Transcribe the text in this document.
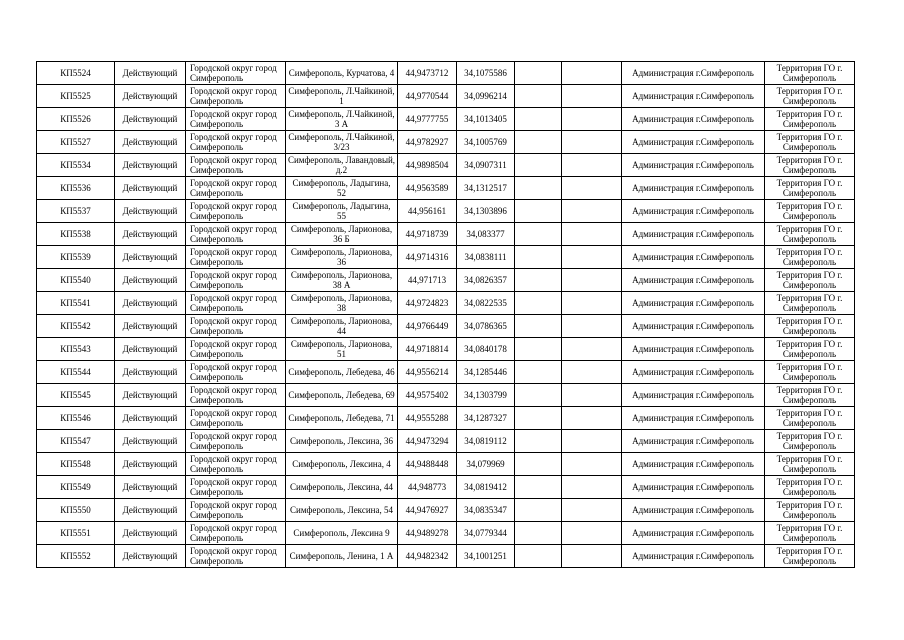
КП5524	Действующий	Городской округ город Симферополь	Симферополь, Курчатова, 4	44,9473712	34,1075586			Администрация г.Симферополь	Территория ГО г. Симферополь
КП5525	Действующий	Городской округ город Симферополь	Симферополь, Л.Чайкиной, 1	44,9770544	34,0996214			Администрация г.Симферополь	Территория ГО г. Симферополь
КП5526	Действующий	Городской округ город Симферополь	Симферополь, Л.Чайкиной, 3 А	44,9777755	34,1013405			Администрация г.Симферополь	Территория ГО г. Симферополь
КП5527	Действующий	Городской округ город Симферополь	Симферополь, Л.Чайкиной, 3/23	44,9782927	34,1005769			Администрация г.Симферополь	Территория ГО г. Симферополь
КП5534	Действующий	Городской округ город Симферополь	Симферополь, Лавандовый, д.2	44,9898504	34,0907311			Администрация г.Симферополь	Территория ГО г. Симферополь
КП5536	Действующий	Городской округ город Симферополь	Симферополь, Ладыгина, 52	44,9563589	34,1312517			Администрация г.Симферополь	Территория ГО г. Симферополь
КП5537	Действующий	Городской округ город Симферополь	Симферополь, Ладыгина, 55	44,956161	34,1303896			Администрация г.Симферополь	Территория ГО г. Симферополь
КП5538	Действующий	Городской округ город Симферополь	Симферополь, Ларионова, 36 Б	44,9718739	34,083377			Администрация г.Симферополь	Территория ГО г. Симферополь
КП5539	Действующий	Городской округ город Симферополь	Симферополь, Ларионова, 36	44,9714316	34,0838111			Администрация г.Симферополь	Территория ГО г. Симферополь
КП5540	Действующий	Городской округ город Симферополь	Симферополь, Ларионова, 38 А	44,971713	34,0826357			Администрация г.Симферополь	Территория ГО г. Симферополь
КП5541	Действующий	Городской округ город Симферополь	Симферополь, Ларионова, 38	44,9724823	34,0822535			Администрация г.Симферополь	Территория ГО г. Симферополь
КП5542	Действующий	Городской округ город Симферополь	Симферополь, Ларионова, 44	44,9766449	34,0786365			Администрация г.Симферополь	Территория ГО г. Симферополь
КП5543	Действующий	Городской округ город Симферополь	Симферополь, Ларионова, 51	44,9718814	34,0840178			Администрация г.Симферополь	Территория ГО г. Симферополь
КП5544	Действующий	Городской округ город Симферополь	Симферополь, Лебедева, 46	44,9556214	34,1285446			Администрация г.Симферополь	Территория ГО г. Симферополь
КП5545	Действующий	Городской округ город Симферополь	Симферополь, Лебедева, 69	44,9575402	34,1303799			Администрация г.Симферополь	Территория ГО г. Симферополь
КП5546	Действующий	Городской округ город Симферополь	Симферополь, Лебедева, 71	44,9555288	34,1287327			Администрация г.Симферополь	Территория ГО г. Симферополь
КП5547	Действующий	Городской округ город Симферополь	Симферополь, Лексина, 36	44,9473294	34,0819112			Администрация г.Симферополь	Территория ГО г. Симферополь
КП5548	Действующий	Городской округ город Симферополь	Симферополь, Лексина, 4	44,9488448	34,079969			Администрация г.Симферополь	Территория ГО г. Симферополь
КП5549	Действующий	Городской округ город Симферополь	Симферополь, Лексина, 44	44,948773	34,0819412			Администрация г.Симферополь	Территория ГО г. Симферополь
КП5550	Действующий	Городской округ город Симферополь	Симферополь, Лексина, 54	44,9476927	34,0835347			Администрация г.Симферополь	Территория ГО г. Симферополь
КП5551	Действующий	Городской округ город Симферополь	Симферополь, Лексина 9	44,9489278	34,0779344			Администрация г.Симферополь	Территория ГО г. Симферополь
КП5552	Действующий	Городской округ город Симферополь	Симферополь, Ленина, 1 А	44,9482342	34,1001251			Администрация г.Симферополь	Территория ГО г. Симферополь
